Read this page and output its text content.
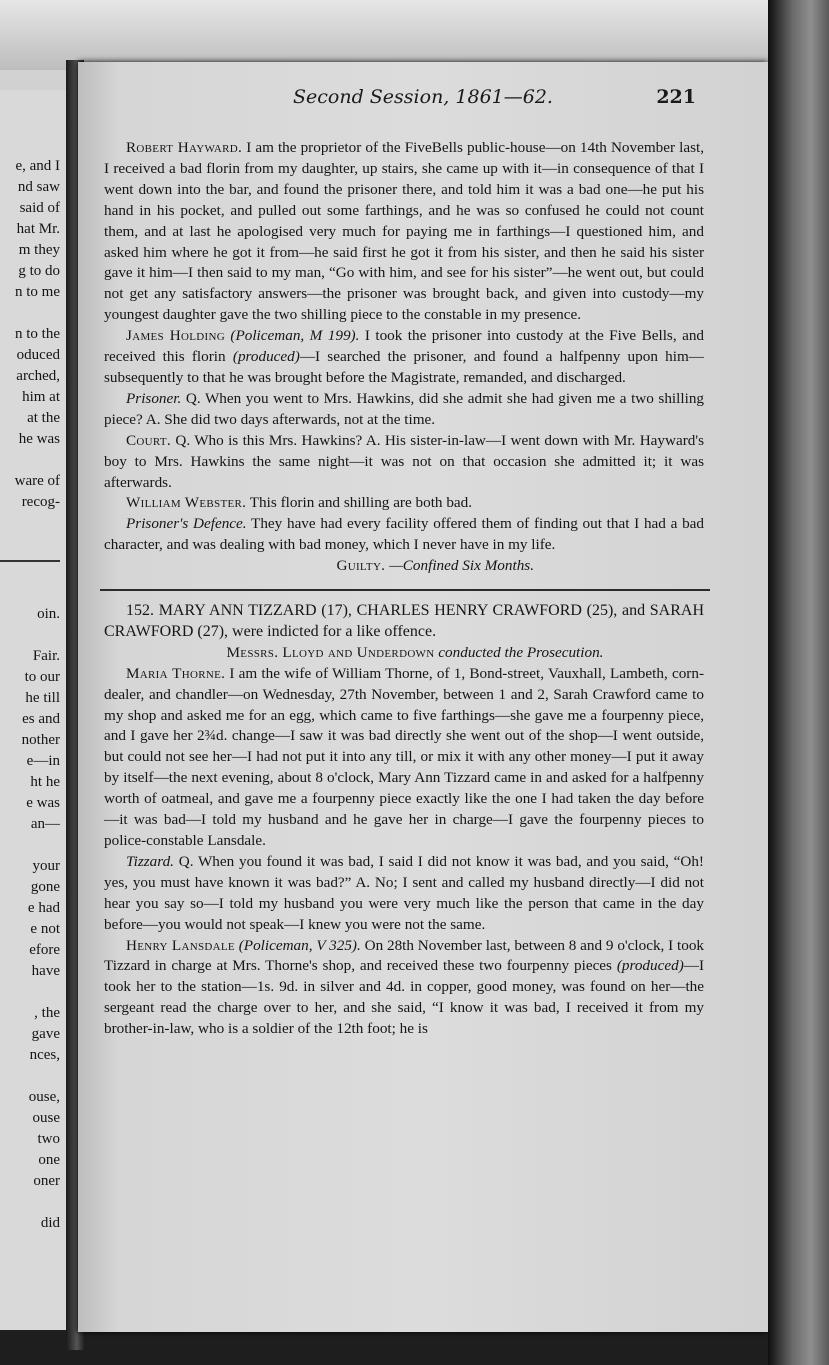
e, and I
nd saw
said of
hat Mr.
m they
g to do
n to me
n to the
oduced
arched,
him at
at the
he was
ware of
recog-
oin.
Fair.
to our
he till
es and
nother
e—in
ht he
e was
an—
your
gone
e had
e not
efore
have
, the
gave
nces,
ouse,
ouse
two
one
oner
did
Second Session, 1861—62.	221

Robert Hayward. I am the proprietor of the FiveBells public-house—on 14th November last, I received a bad florin from my daughter, up stairs, she came up with it—in consequence of that I went down into the bar, and found the prisoner there, and told him it was a bad one—he put his hand in his pocket, and pulled out some farthings, and he was so confused he could not count them, and at last he apologised very much for paying me in farthings—I questioned him, and asked him where he got it from—he said first he got it from his sister, and then he said his sister gave it him—I then said to my man, “Go with him, and see for his sister”—he went out, but could not get any satisfactory answers—the prisoner was brought back, and given into custody—my youngest daughter gave the two shilling piece to the constable in my presence.

James Holding (Policeman, M 199). I took the prisoner into custody at the Five Bells, and received this florin (produced)—I searched the prisoner, and found a halfpenny upon him—subsequently to that he was brought before the Magistrate, remanded, and discharged.

Prisoner. Q. When you went to Mrs. Hawkins, did she admit she had given me a two shilling piece? A. She did two days afterwards, not at the time.

Court. Q. Who is this Mrs. Hawkins? A. His sister-in-law—I went down with Mr. Hayward's boy to Mrs. Hawkins the same night—it was not on that occasion she admitted it; it was afterwards.

William Webster. This florin and shilling are both bad.

Prisoner's Defence. They have had every facility offered them of finding out that I had a bad character, and was dealing with bad money, which I never have in my life.

Guilty. —Confined Six Months.

152. MARY ANN TIZZARD (17), CHARLES HENRY CRAWFORD (25), and SARAH CRAWFORD (27), were indicted for a like offence.

Messrs. Lloyd and Underdown conducted the Prosecution.

Maria Thorne. I am the wife of William Thorne, of 1, Bond-street, Vauxhall, Lambeth, corn-dealer, and chandler—on Wednesday, 27th November, between 1 and 2, Sarah Crawford came to my shop and asked me for an egg, which came to five farthings—she gave me a fourpenny piece, and I gave her 2¾d. change—I saw it was bad directly she went out of the shop—I went outside, but could not see her—I had not put it into any till, or mix it with any other money—I put it away by itself—the next evening, about 8 o'clock, Mary Ann Tizzard came in and asked for a halfpenny worth of oatmeal, and gave me a fourpenny piece exactly like the one I had taken the day before—it was bad—I told my husband and he gave her in charge—I gave the fourpenny pieces to police-constable Lansdale.

Tizzard. Q. When you found it was bad, I said I did not know it was bad, and you said, “Oh! yes, you must have known it was bad?” A. No; I sent and called my husband directly—I did not hear you say so—I told my husband you were very much like the person that came in the day before—you would not speak—I knew you were not the same.

Henry Lansdale (Policeman, V 325). On 28th November last, between 8 and 9 o'clock, I took Tizzard in charge at Mrs. Thorne's shop, and received these two fourpenny pieces (produced)—I took her to the station—1s. 9d. in silver and 4d. in copper, good money, was found on her—the sergeant read the charge over to her, and she said, “I know it was bad, I received it from my brother-in-law, who is a soldier of the 12th foot; he is
